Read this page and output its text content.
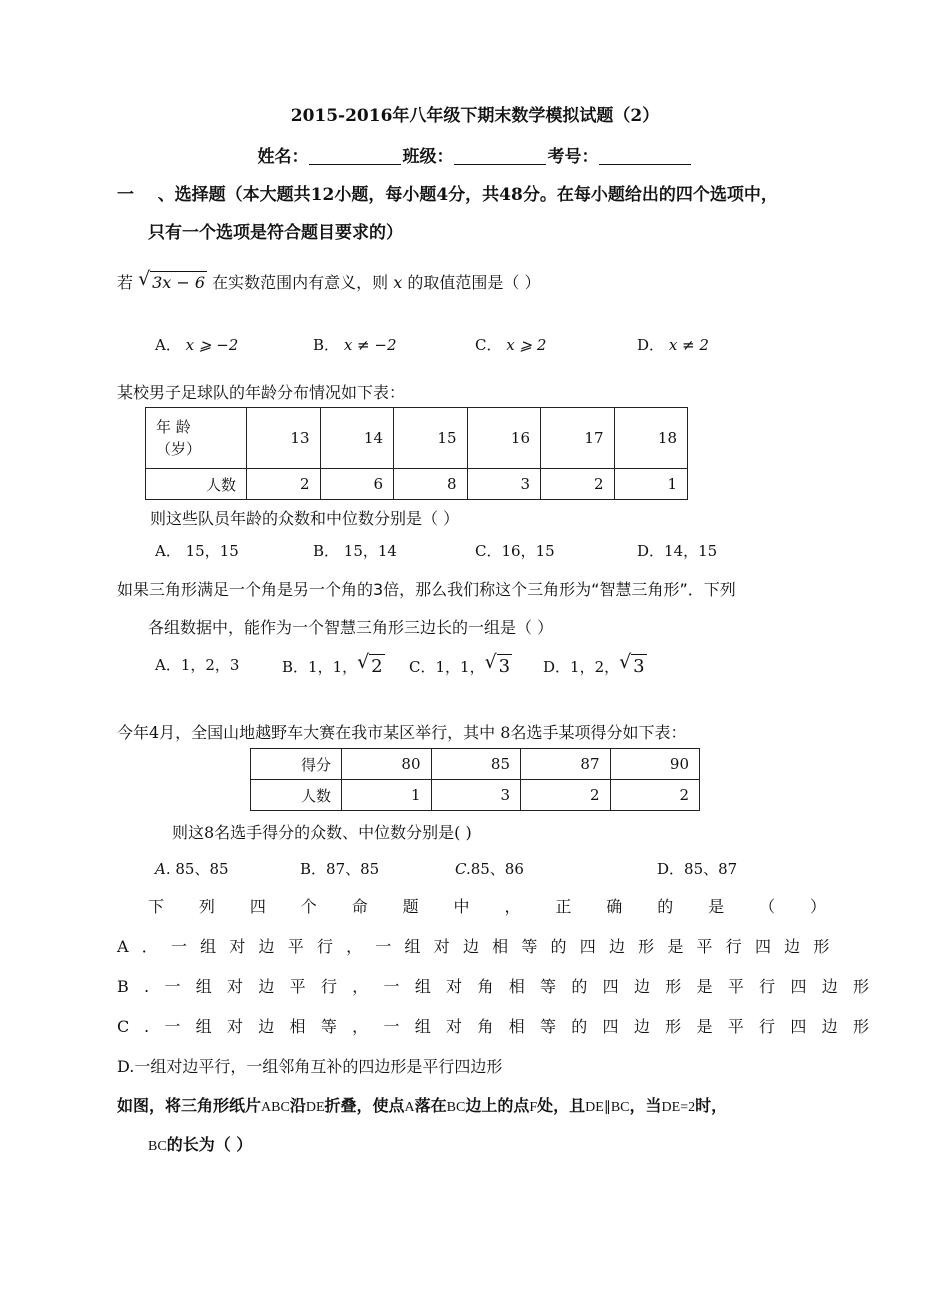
2015-2016年八年级下期末数学模拟试题（2）
姓名：	班级：	考号：
一 、选择题（本大题共12小题，每小题4分，共48分。在每小题给出的四个选项中，
只有一个选项是符合题目要求的）
若 √ 3x − 6 在实数范围内有意义，则 x 的取值范围是（ ）
A． x ⩾ −2	B． x ≠ −2	C． x ⩾ 2	D． x ≠ 2
某校男子足球队的年龄分布情况如下表：
年 龄
（岁）	13	14	15	16	17	18
人数	2	6	8	3	2	1
则这些队员年龄的众数和中位数分别是（ ）
A． 15，15	B． 15，14	C．16，15	D．14，15
如果三角形满足一个角是另一个角的3倍，那么我们称这个三角形为“智慧三角形”．下列
各组数据中，能作为一个智慧三角形三边长的一组是（ ）
A．1，2，3	B．1，1， √ 2 C．1，1， √ 3 D．1，2， √ 3
今年4月，全国山地越野车大赛在我市某区举行，其中 8名选手某项得分如下表：
得分	80	85	87	90
人数	1	3	2	2
则这8名选手得分的众数、中位数分别是( )
A. 85、85	B．87、85	C.85、86	D．85、87
下 列 四 个 命 题 中 ， 正 确 的 是 （ ）
A．一组对边平行，一组对边相等的四边形是平行四边形
B.一组对边平行，一组对角相等的四边形是平行四边形
C.一组对边相等，一组对角相等的四边形是平行四边形
D.一组对边平行，一组邻角互补的四边形是平行四边形
如图，将三角形纸片ABC沿DE折叠，使点A落在BC边上的点F处，且DE∥BC，当DE=2时，
BC的长为（ ）
